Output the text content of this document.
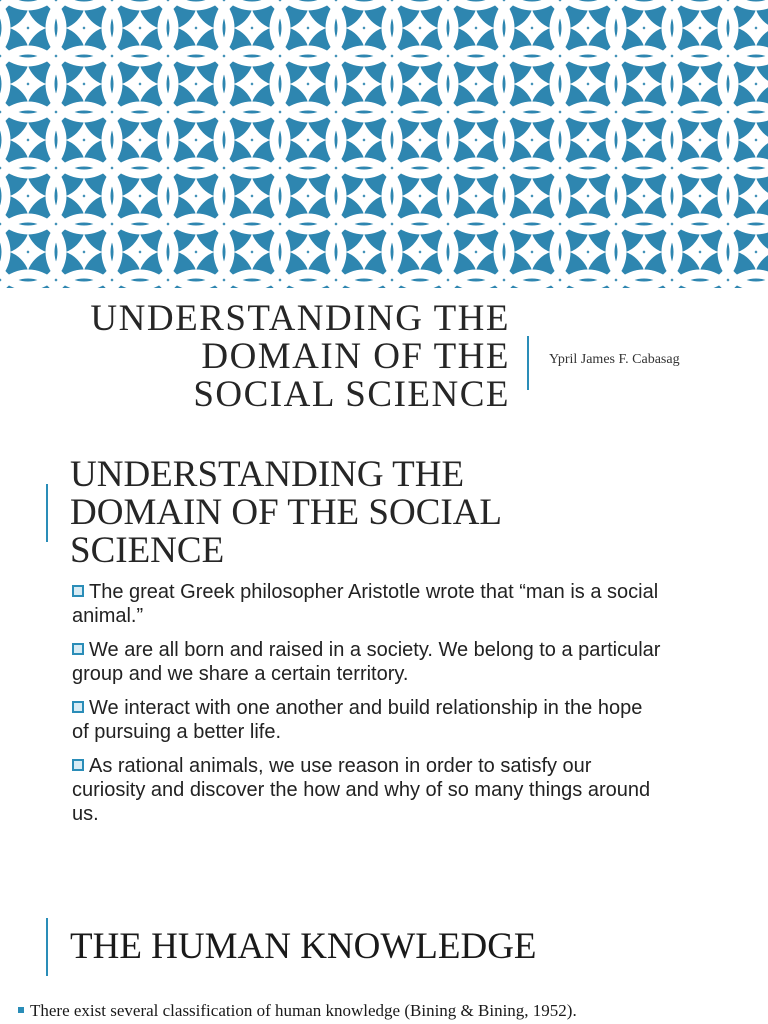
UNDERSTANDING THE
DOMAIN OF THE
SOCIAL SCIENCE
Ypril James F. Cabasag
UNDERSTANDING THE
DOMAIN OF THE SOCIAL
SCIENCE
The great Greek philosopher Aristotle wrote that “man is a social
animal.”
We are all born and raised in a society. We belong to a particular
group and we share a certain territory.
We interact with one another and build relationship in the hope
of pursuing a better life.
As rational animals, we use reason in order to satisfy our
curiosity and discover the how and why of so many things around
us.
THE HUMAN KNOWLEDGE
There exist several classification of human knowledge (Bining & Bining, 1952).
